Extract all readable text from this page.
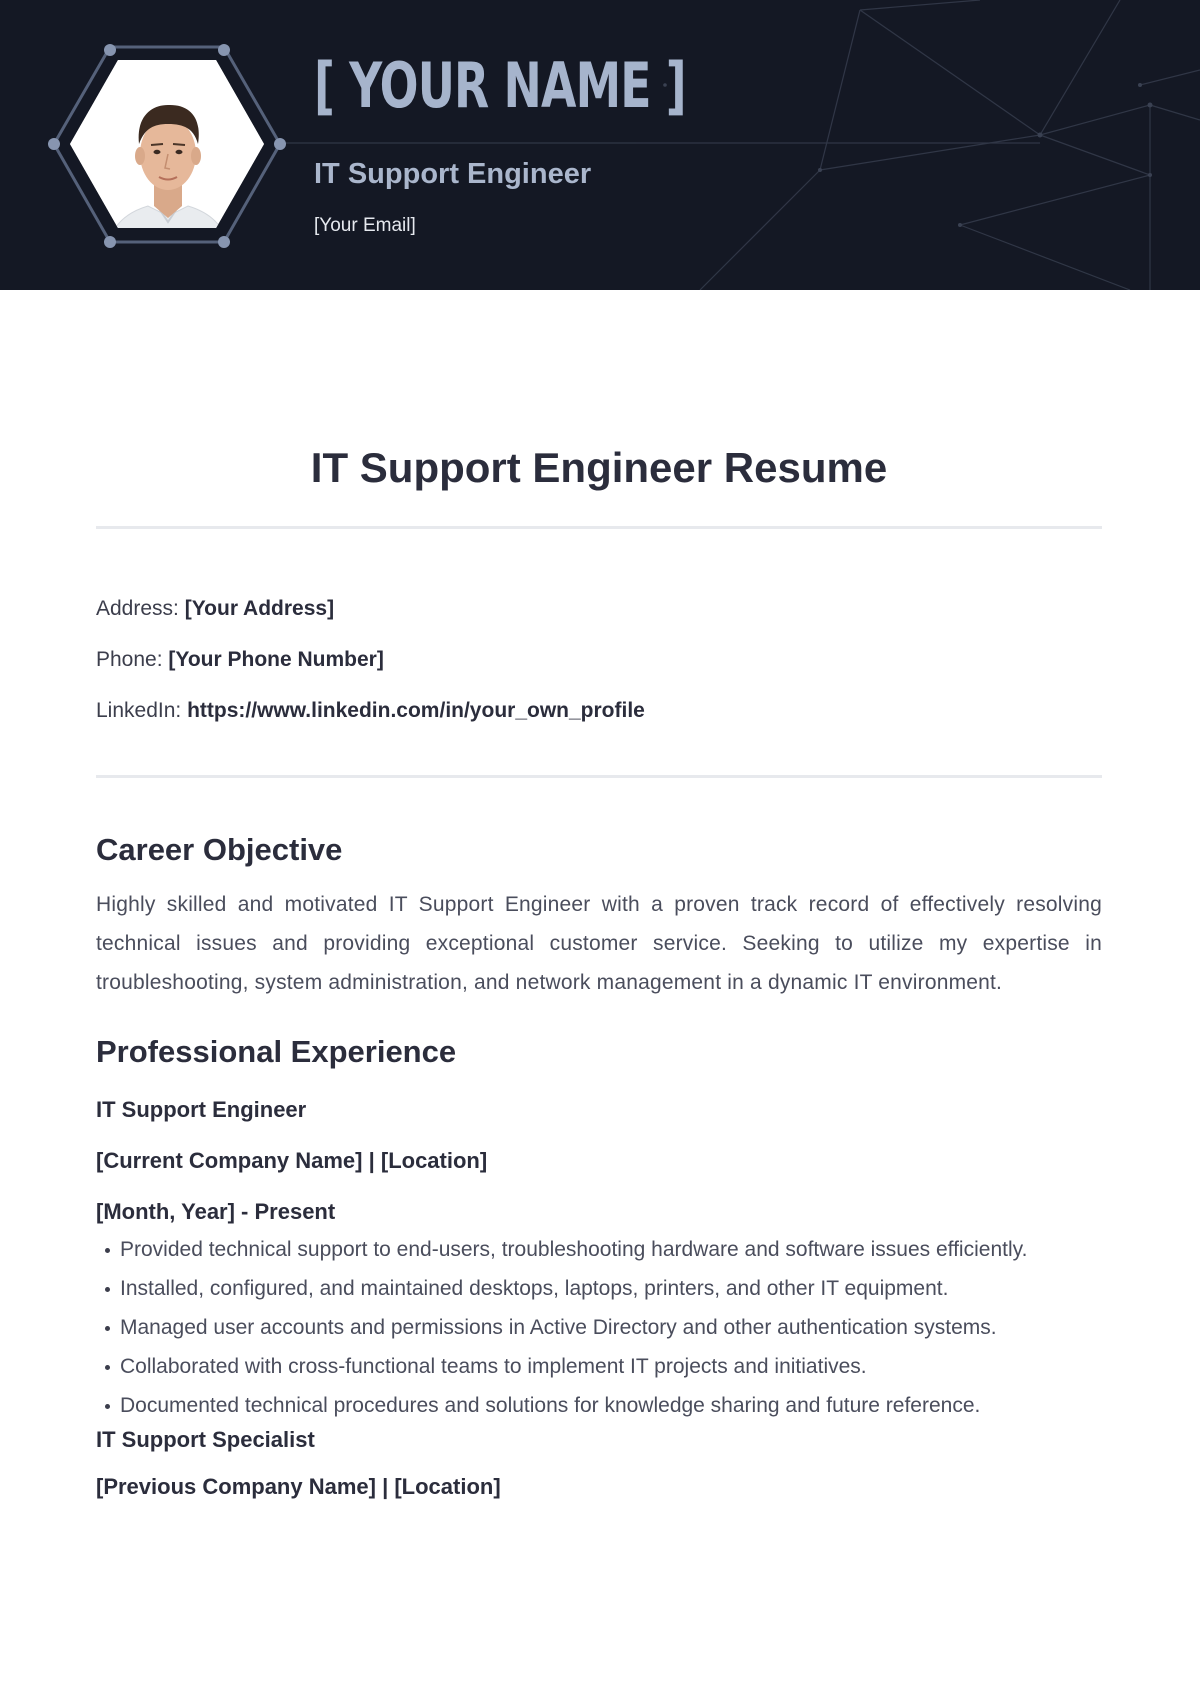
[ YOUR NAME ]
IT Support Engineer
[Your Email]
IT Support Engineer Resume
Address: [Your Address]
Phone: [Your Phone Number]
LinkedIn: https://www.linkedin.com/in/your_own_profile
Career Objective

Highly skilled and motivated IT Support Engineer with a proven track record of effectively resolving technical issues and providing exceptional customer service. Seeking to utilize my expertise in troubleshooting, system administration, and network management in a dynamic IT environment.

Professional Experience
IT Support Engineer
[Current Company Name] | [Location]
[Month, Year] - Present
Provided technical support to end-users, troubleshooting hardware and software issues efficiently.
Installed, configured, and maintained desktops, laptops, printers, and other IT equipment.
Managed user accounts and permissions in Active Directory and other authentication systems.
Collaborated with cross-functional teams to implement IT projects and initiatives.
Documented technical procedures and solutions for knowledge sharing and future reference.
IT Support Specialist
[Previous Company Name] | [Location]
